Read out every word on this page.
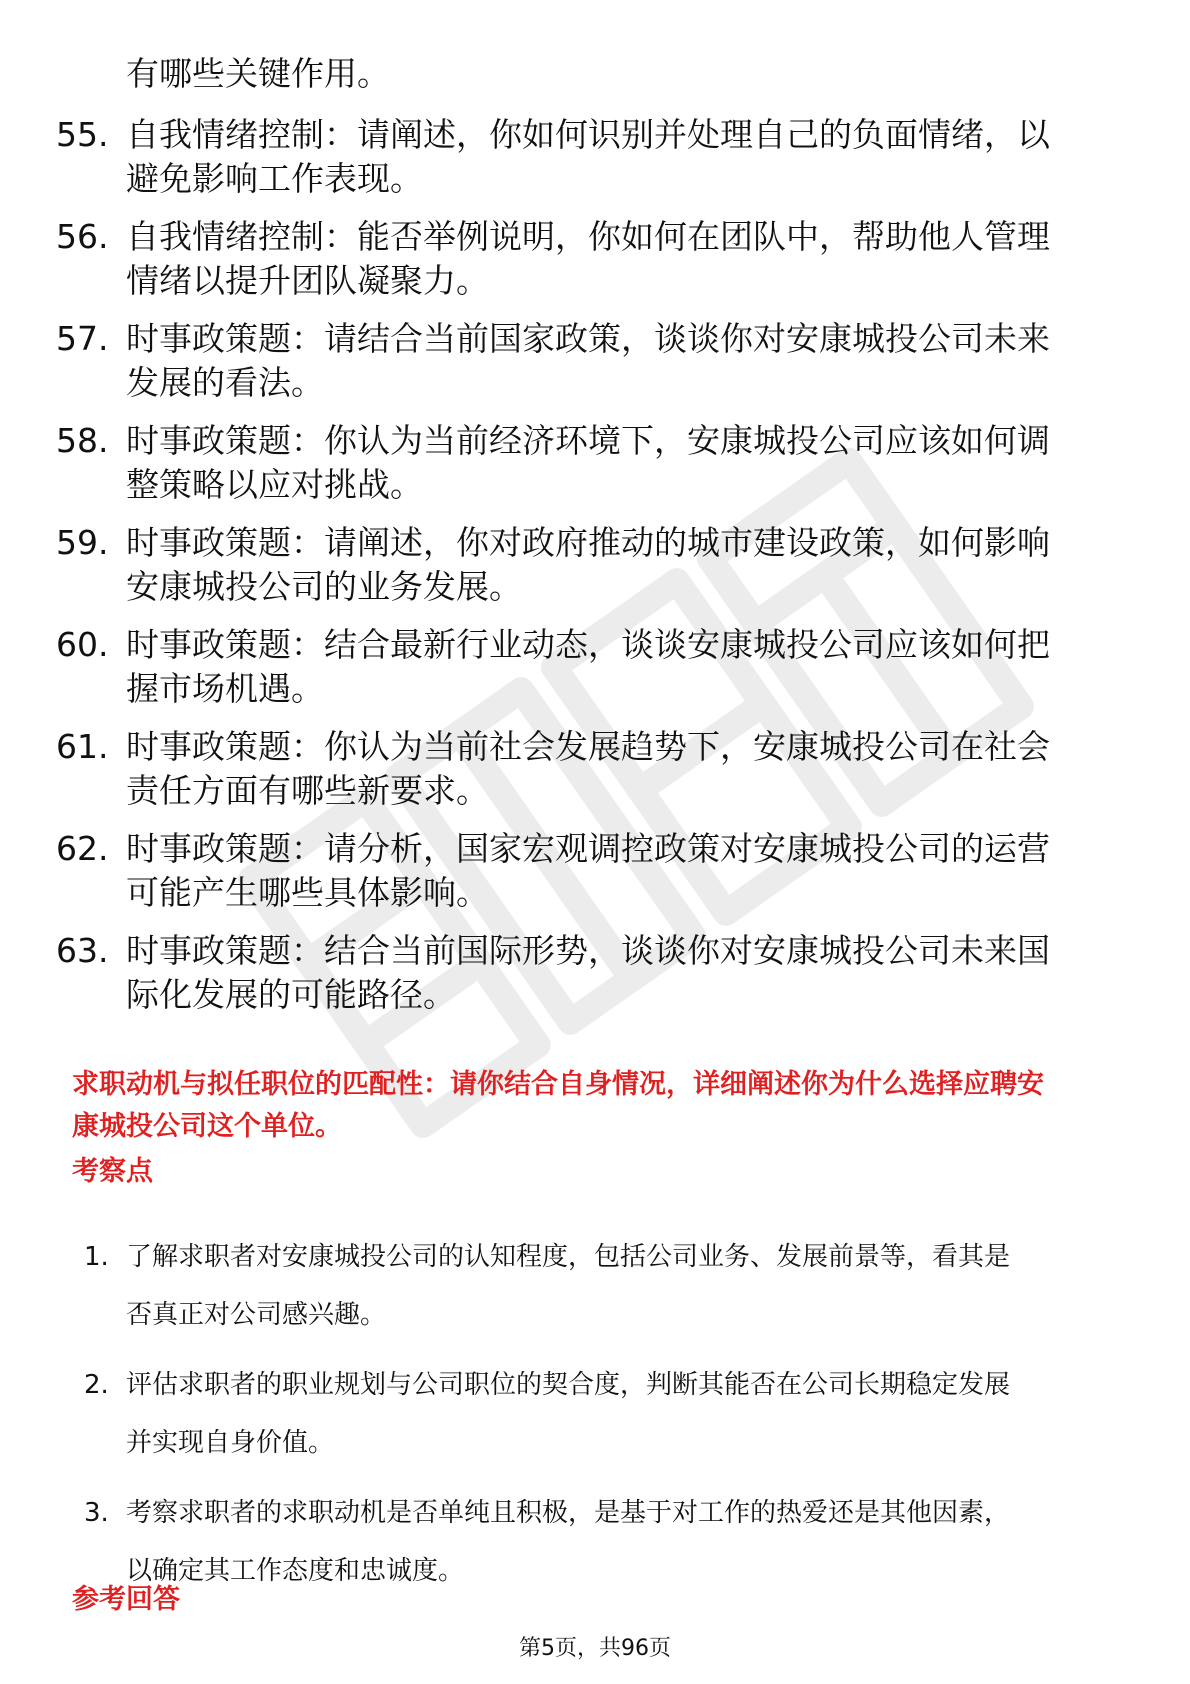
有哪些关键作用。
55. 自我情绪控制：请阐述，你如何识别并处理自己的负面情绪，以
避免影响工作表现。
56. 自我情绪控制：能否举例说明，你如何在团队中，帮助他人管理
情绪以提升团队凝聚力。
57. 时事政策题：请结合当前国家政策，谈谈你对安康城投公司未来
发展的看法。
58. 时事政策题：你认为当前经济环境下，安康城投公司应该如何调
整策略以应对挑战。
59. 时事政策题：请阐述，你对政府推动的城市建设政策，如何影响
安康城投公司的业务发展。
60. 时事政策题：结合最新行业动态，谈谈安康城投公司应该如何把
握市场机遇。
61. 时事政策题：你认为当前社会发展趋势下，安康城投公司在社会
责任方面有哪些新要求。
62. 时事政策题：请分析，国家宏观调控政策对安康城投公司的运营
可能产生哪些具体影响。
63. 时事政策题：结合当前国际形势，谈谈你对安康城投公司未来国
际化发展的可能路径。
求职动机与拟任职位的匹配性：请你结合自身情况，详细阐述你为什么选择应聘安
康城投公司这个单位。
考察点
1. 了解求职者对安康城投公司的认知程度，包括公司业务、发展前景等，看其是
否真正对公司感兴趣。
2. 评估求职者的职业规划与公司职位的契合度，判断其能否在公司长期稳定发展
并实现自身价值。
3. 考察求职者的求职动机是否单纯且积极，是基于对工作的热爱还是其他因素，
以确定其工作态度和忠诚度。
参考回答
第5页，共96页
